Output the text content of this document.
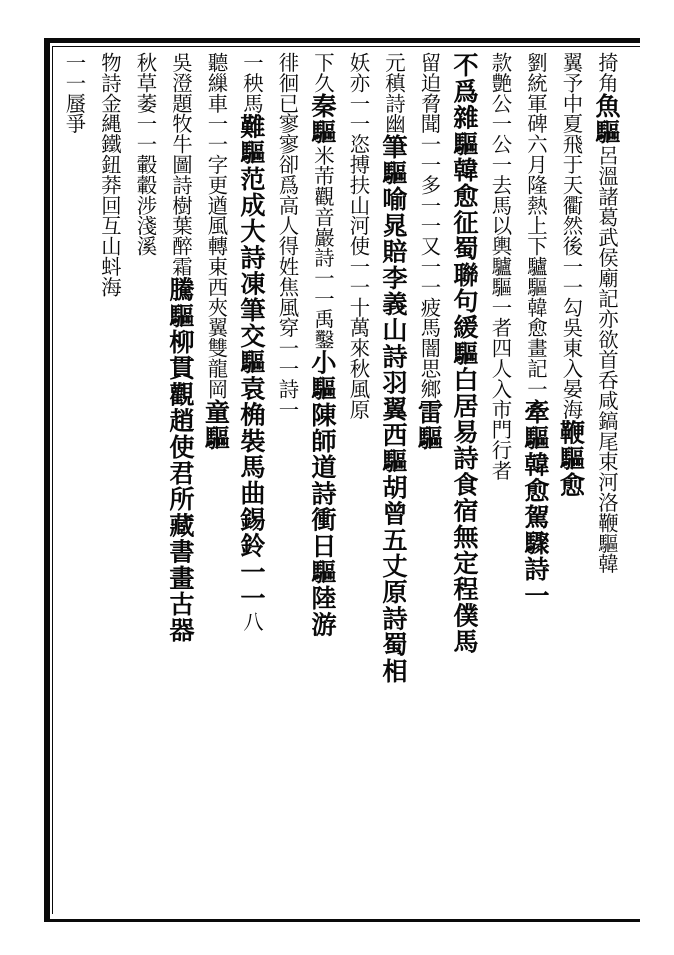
掎角魚驅呂溫諸葛武侯廟記亦欲首呑咸鎬尾束河洛鞭驅韓
翼予中夏飛于天衢然後一一勾吳東入晏海鞭驅愈
劉統軍碑六月隆熱上下驢驅韓愈畫記一牽驅韓愈駕驟詩一
款艶公一公一去馬以輿驢驅一者四人入市門行者
不爲雜驅韓愈征蜀聯句緩驅白居易詩食宿無定程僕馬
留迫脅聞一一多一一又一一疲馬闇思鄉雷驅
元稹詩幽筆驅喻晁賠李義山詩羽翼西驅胡曾五丈原詩蜀相
妖亦一一恣搏扶山河使一一十萬來秋風原
下久秦驅米芾觀音巖詩一一禹鑿小驅陳師道詩衝日驅陸游
徘徊已寥寥卻爲高人得姓焦風穿一一詩一
一秧馬難驅范成大詩凍筆交驅袁桷裝馬曲錫鈴一一八
聽繅車一一字更遒風轉東西夾翼雙龍岡童驅
吳澄題牧牛圖詩樹葉醉霜騰驅柳貫觀趙使君所藏書畫古器
秋草萎一一轂轂涉淺溪
物詩金縄鐵鈕莽回互山蚪海
一一蜃爭
